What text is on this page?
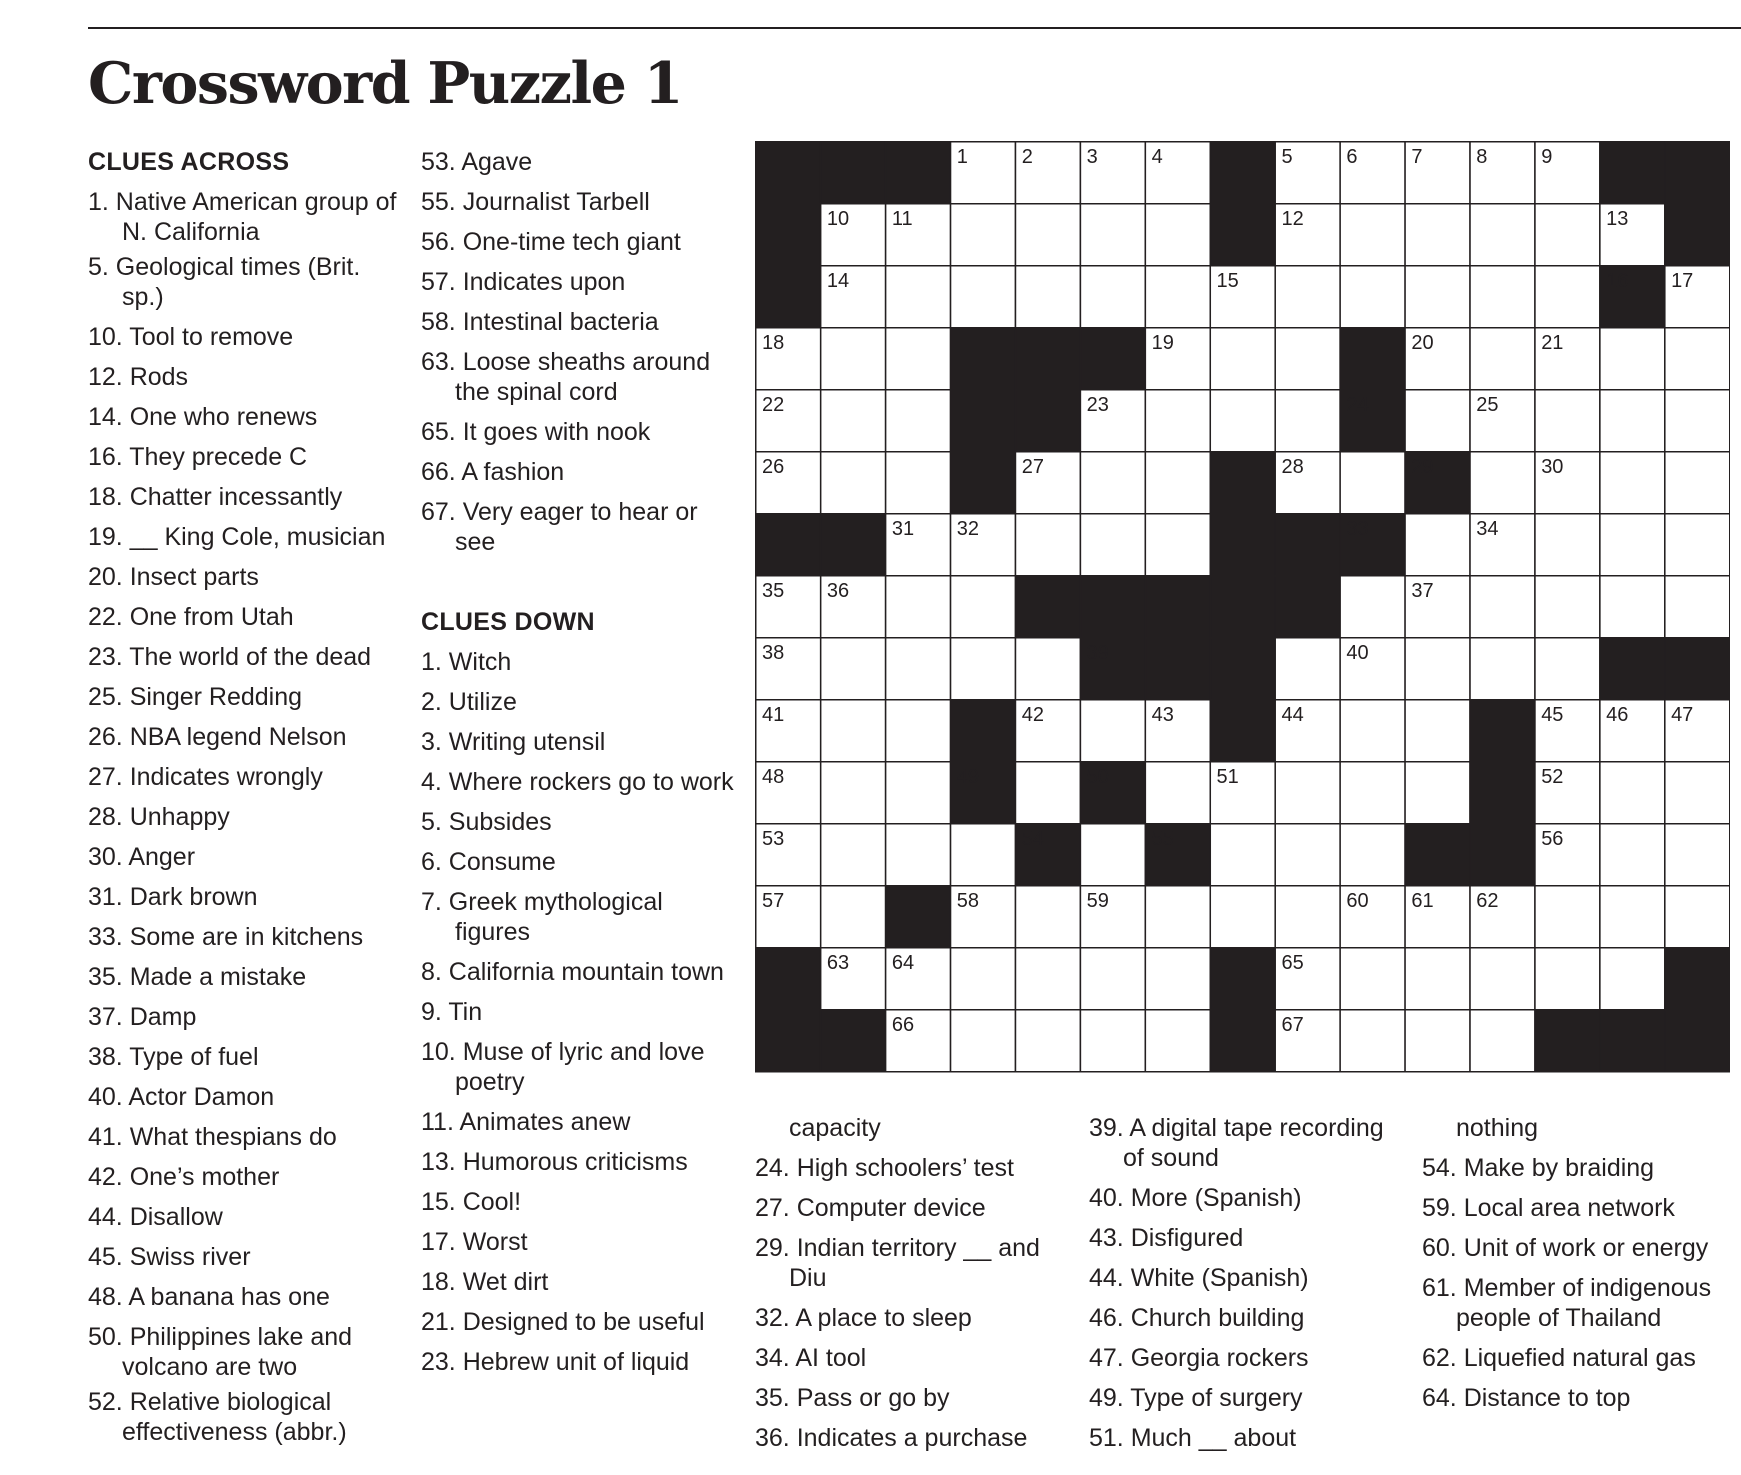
Crossword Puzzle 1
CLUES ACROSS
1. Native American group of N. California
5. Geological times (Brit. sp.)
10. Tool to remove
12. Rods
14. One who renews
16. They precede C
18. Chatter incessantly
19. __ King Cole, musician
20. Insect parts
22. One from Utah
23. The world of the dead
25. Singer Redding
26. NBA legend Nelson
27. Indicates wrongly
28. Unhappy
30. Anger
31. Dark brown
33. Some are in kitchens
35. Made a mistake
37. Damp
38. Type of fuel
40. Actor Damon
41. What thespians do
42. One’s mother
44. Disallow
45. Swiss river
48. A banana has one
50. Philippines lake and volcano are two
52. Relative biological effectiveness (abbr.)
53. Agave
55. Journalist Tarbell
56. One-time tech giant
57. Indicates upon
58. Intestinal bacteria
63. Loose sheaths around the spinal cord
65. It goes with nook
66. A fashion
67. Very eager to hear or see
CLUES DOWN
1. Witch
2. Utilize
3. Writing utensil
4. Where rockers go to work
5. Subsides
6. Consume
7. Greek mythological figures
8. California mountain town
9. Tin
10. Muse of lyric and love poetry
11. Animates anew
13. Humorous criticisms
15. Cool!
17. Worst
18. Wet dirt
21. Designed to be useful
23. Hebrew unit of liquid
capacity
24. High schoolers’ test
27. Computer device
29. Indian territory __ and Diu
32. A place to sleep
34. AI tool
35. Pass or go by
36. Indicates a purchase
39. A digital tape recording of sound
40. More (Spanish)
43. Disfigured
44. White (Spanish)
46. Church building
47. Georgia rockers
49. Type of surgery
51. Much __ about
nothing
54. Make by braiding
59. Local area network
60. Unit of work or energy
61. Member of indigenous people of Thailand
62. Liquefied natural gas
64. Distance to top
1	2	3	4	5	6	7	8	9
10 11	12	13
14	15	16 17
18	19	20	21
22	23	24	25
26	27	28	29	30
31 32	33	34
35 36	37
38	39	40
41	42	43	44	45 46 47
48	49	50	51	52
53	54	55	56
57	58	59	60 61 62
63 64	65
66	67
